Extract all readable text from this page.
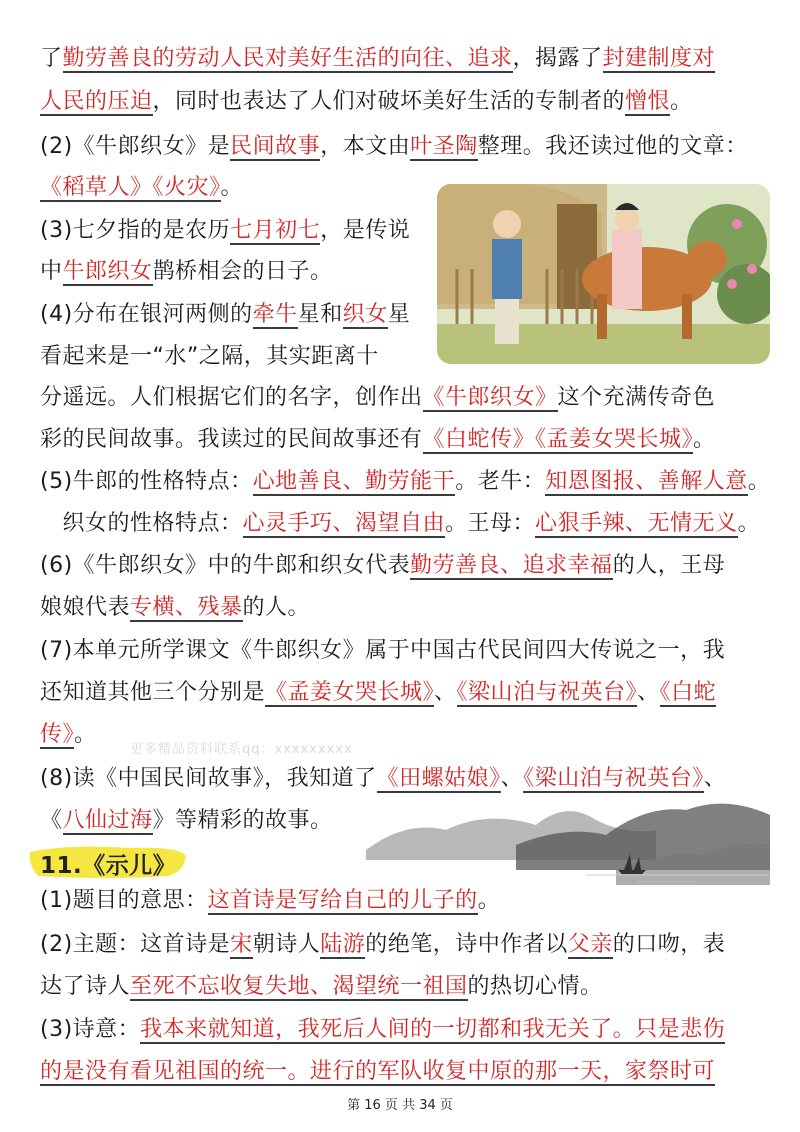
了勤劳善良的劳动人民对美好生活的向往、追求，揭露了封建制度对
人民的压迫，同时也表达了人们对破坏美好生活的专制者的憎恨。
(2)《牛郎织女》是民间故事，本文由叶圣陶整理。我还读过他的文章：
《稻草人》《火灾》。
(3)七夕指的是农历七月初七，是传说
中牛郎织女鹊桥相会的日子。
(4)分布在银河两侧的牵牛星和织女星
看起来是一“水”之隔，其实距离十
分遥远。人们根据它们的名字，创作出《牛郎织女》这个充满传奇色
彩的民间故事。我读过的民间故事还有《白蛇传》《孟姜女哭长城》。
(5)牛郎的性格特点：心地善良、勤劳能干。老牛：知恩图报、善解人意。
　织女的性格特点：心灵手巧、渴望自由。王母：心狠手辣、无情无义。
(6)《牛郎织女》中的牛郎和织女代表勤劳善良、追求幸福的人，王母
娘娘代表专横、残暴的人。
(7)本单元所学课文《牛郎织女》属于中国古代民间四大传说之一，我
还知道其他三个分别是《孟姜女哭长城》、《梁山泊与祝英台》、《白蛇
传》。
(8)读《中国民间故事》，我知道了《田螺姑娘》、《梁山泊与祝英台》、
《八仙过海》等精彩的故事。
(1)题目的意思：这首诗是写给自己的儿子的。
(2)主题：这首诗是宋朝诗人陆游的绝笔，诗中作者以父亲的口吻，表
达了诗人至死不忘收复失地、渴望统一祖国的热切心情。
(3)诗意：我本来就知道，我死后人间的一切都和我无关了。只是悲伤
的是没有看见祖国的统一。进行的军队收复中原的那一天，家祭时可
11.《示儿》
更多精品资料联系qq：xxxxxxxxx
第 16 页 共 34 页
